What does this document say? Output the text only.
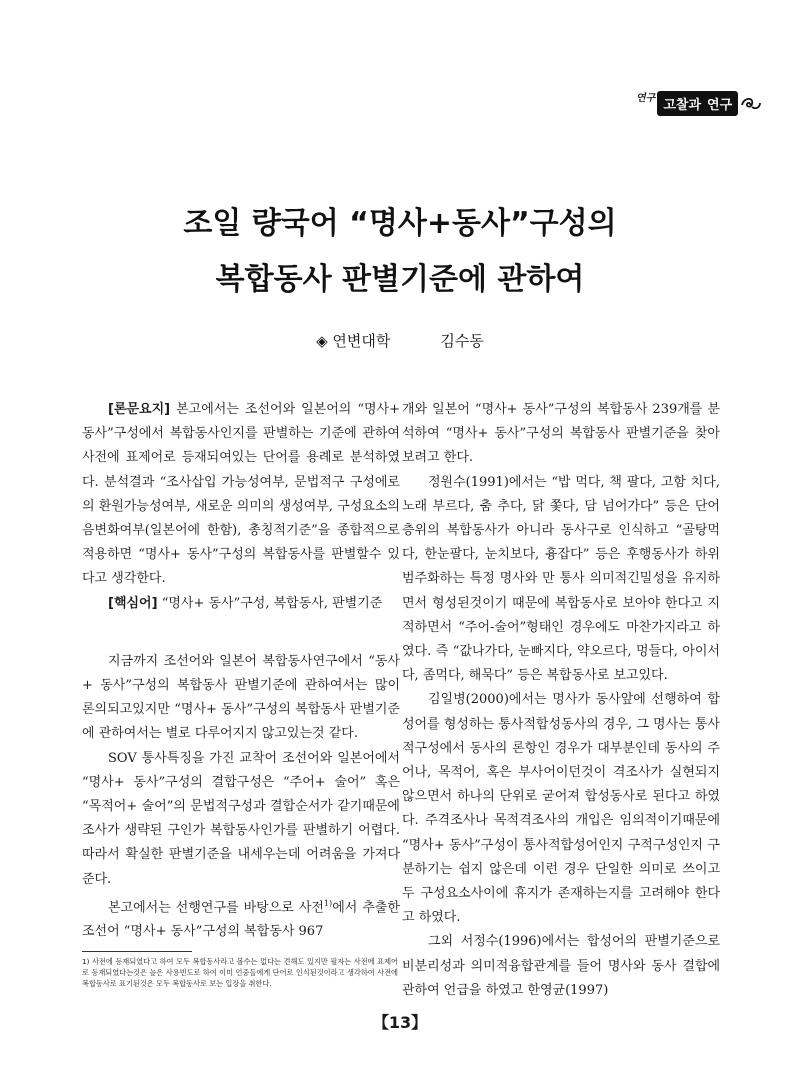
연구 고찰과 연구
조일 량국어 “명사+동사”구성의
복합동사 판별기준에 관하여
◈ 연변대학	김수동

[론문요지] 본고에서는 조선어와 일본어의 “명사+ 동사”구성에서 복합동사인지를 판별하는 기준에 관하여 사전에 표제어로 등재되여있는 단어를 용례로 분석하였다. 분석결과 “조사삽입 가능성여부, 문법적구 구성에로의 환원가능성여부, 새로운 의미의 생성여부, 구성요소의 음변화여부(일본어에 한함), 총칭적기준”을 종합적으로 적용하면 “명사+ 동사”구성의 복합동사를 판별할수 있다고 생각한다.

[핵심어] “명사+ 동사”구성, 복합동사, 판별기준

지금까지 조선어와 일본어 복합동사연구에서 “동사+ 동사”구성의 복합동사 판별기준에 관하여서는 많이 론의되고있지만 “명사+ 동사”구성의 복합동사 판별기준에 관하여서는 별로 다루어지지 않고있는것 같다.

SOV 통사특징을 가진 교착어 조선어와 일본어에서 “명사+ 동사”구성의 결합구성은 “주어+ 술어” 혹은 “목적어+ 술어”의 문법적구성과 결합순서가 같기때문에 조사가 생략된 구인가 복합동사인가를 판별하기 어렵다. 따라서 확실한 판별기준을 내세우는데 어려움을 가져다준다.

본고에서는 선행연구를 바탕으로 사전$^{1)}$에서 추출한 조선어 “명사+ 동사”구성의 복합동사 967

개와 일본어 “명사+ 동사”구성의 복합동사 239개를 분석하여 “명사+ 동사”구성의 복합동사 판별기준을 찾아보려고 한다.

정원수(1991)에서는 “밥 먹다, 책 팔다, 고함 치다, 노래 부르다, 춤 추다, 닭 쫓다, 담 넘어가다” 등은 단어층위의 복합동사가 아니라 동사구로 인식하고 “골탕먹다, 한눈팔다, 눈치보다, 흉잡다” 등은 후행동사가 하위범주화하는 특정 명사와 만 통사 의미적긴밀성을 유지하면서 형성된것이기 때문에 복합동사로 보아야 한다고 지적하면서 “주어-술어”형태인 경우에도 마찬가지라고 하였다. 즉 “값나가다, 눈빠지다, 약오르다, 멍들다, 아이서다, 좀먹다, 해묵다” 등은 복합동사로 보고있다.

김일병(2000)에서는 명사가 동사앞에 선행하여 합성어를 형성하는 통사적합성동사의 경우, 그 명사는 통사적구성에서 동사의 론항인 경우가 대부분인데 동사의 주어나, 목적어, 혹은 부사어이던것이 격조사가 실현되지 않으면서 하나의 단위로 굳어져 합성동사로 된다고 하였다. 주격조사나 목적격조사의 개입은 임의적이기때문에 “명사+ 동사”구성이 통사적합성어인지 구적구성인지 구분하기는 쉽지 않은데 이런 경우 단일한 의미로 쓰이고 두 구성요소사이에 휴지가 존재하는지를 고려해야 한다고 하였다.

그외 서정수(1996)에서는 합성어의 판별기준으로 비분리성과 의미적융합관계를 들어 명사와 동사 결합에 관하여 언급을 하였고 한영균(1997)

1) 사전에 등재되였다고 하여 모두 복합동사라고 볼수는 없다는 견해도 있지만 필자는 사전에 표제어로 등재되였다는것은 높은 사용빈도로 하여 이미 언중들에게 단어로 인식된것이라고 생각하여 사전에 복합동사로 표기된것은 모두 복합동사로 보는 입장을 취한다.
【13】
